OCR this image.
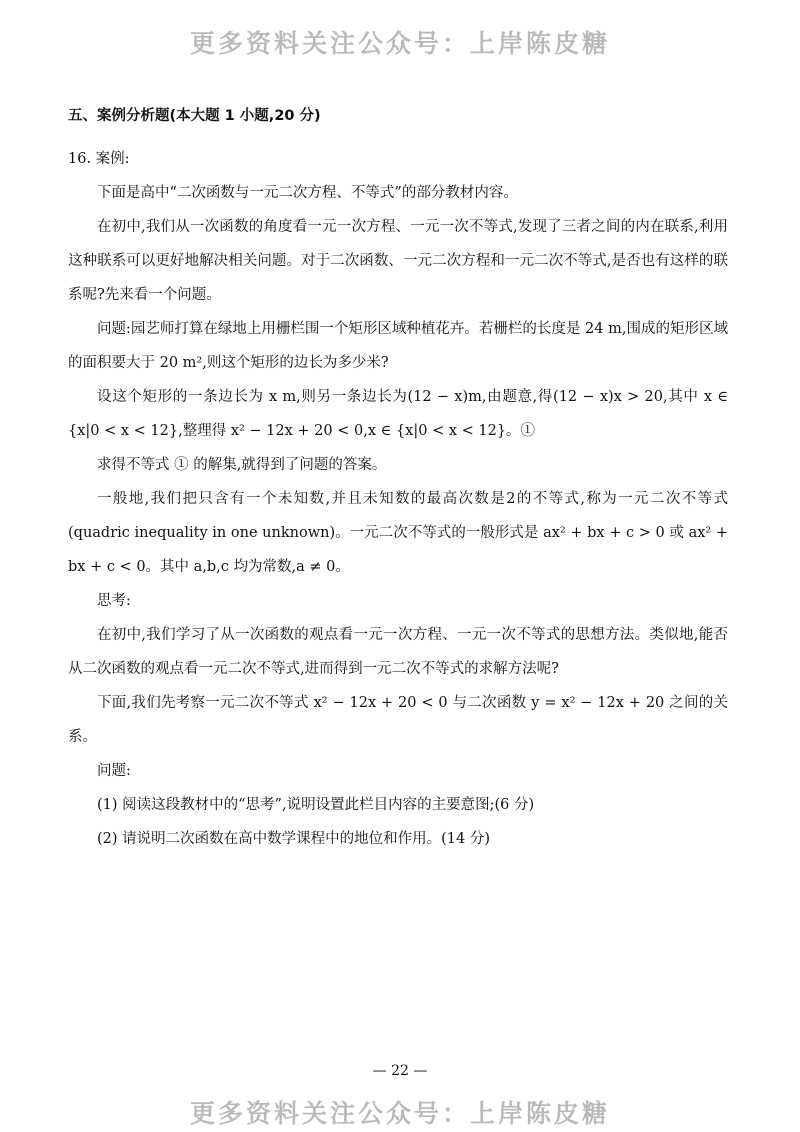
更多资料关注公众号：上岸陈皮糖
五、案例分析题(本大题 1 小题,20 分)

16. 案例:

下面是高中“二次函数与一元二次方程、不等式”的部分教材内容。

在初中,我们从一次函数的角度看一元一次方程、一元一次不等式,发现了三者之间的内在联系,利用这种联系可以更好地解决相关问题。对于二次函数、一元二次方程和一元二次不等式,是否也有这样的联系呢?先来看一个问题。

问题:园艺师打算在绿地上用栅栏围一个矩形区域种植花卉。若栅栏的长度是 24 m,围成的矩形区域的面积要大于 20 m²,则这个矩形的边长为多少米?

设这个矩形的一条边长为 x m,则另一条边长为(12 − x)m,由题意,得(12 − x)x > 20,其中 x ∈ {x|0 < x < 12},整理得 x² − 12x + 20 < 0,x ∈ {x|0 < x < 12}。①

求得不等式 ① 的解集,就得到了问题的答案。

一般地,我们把只含有一个未知数,并且未知数的最高次数是2的不等式,称为一元二次不等式(quadric inequality in one unknown)。一元二次不等式的一般形式是 ax² + bx + c > 0 或 ax² + bx + c < 0。其中 a,b,c 均为常数,a ≠ 0。

思考:

在初中,我们学习了从一次函数的观点看一元一次方程、一元一次不等式的思想方法。类似地,能否从二次函数的观点看一元二次不等式,进而得到一元二次不等式的求解方法呢?

下面,我们先考察一元二次不等式 x² − 12x + 20 < 0 与二次函数 y = x² − 12x + 20 之间的关系。

问题:

(1) 阅读这段教材中的“思考”,说明设置此栏目内容的主要意图;(6 分)

(2) 请说明二次函数在高中数学课程中的地位和作用。(14 分)

— 22 —
更多资料关注公众号：上岸陈皮糖
